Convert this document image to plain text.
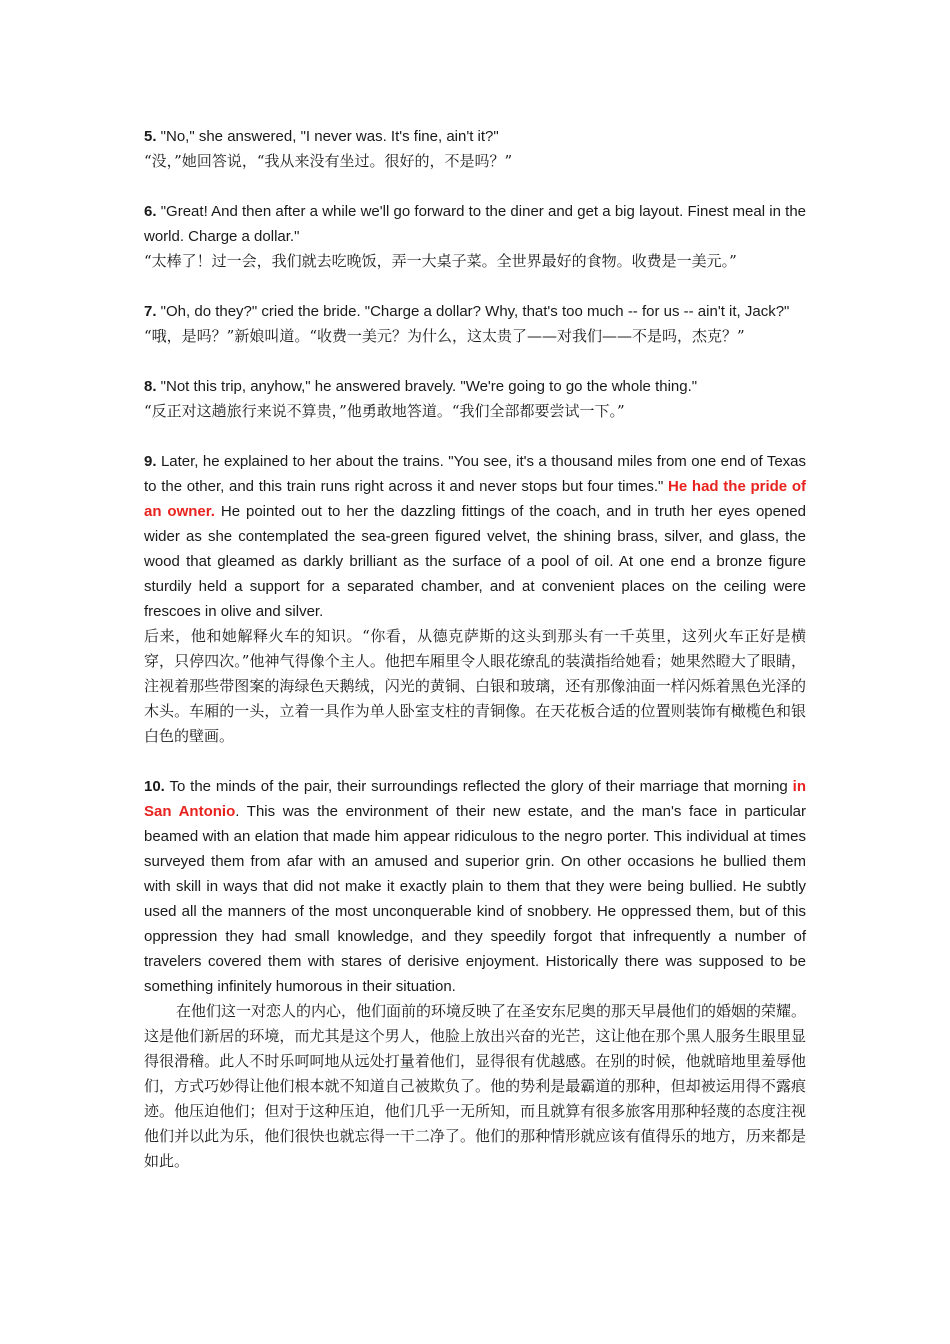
5. "No," she answered, "I never was. It's fine, ain't it?"

“没，”她回答说，“我从来没有坐过。很好的，不是吗？”

6. "Great! And then after a while we'll go forward to the diner and get a big layout. Finest meal in the world. Charge a dollar."

“太棒了！过一会，我们就去吃晚饭，弄一大桌子菜。全世界最好的食物。收费是一美元。”

7. "Oh, do they?" cried the bride. "Charge a dollar? Why, that's too much -- for us -- ain't it, Jack?"

“哦，是吗？”新娘叫道。“收费一美元？为什么，这太贵了——对我们——不是吗，杰克？”

8. "Not this trip, anyhow," he answered bravely. "We're going to go the whole thing."

“反正对这趟旅行来说不算贵，”他勇敢地答道。“我们全部都要尝试一下。”

9. Later, he explained to her about the trains. "You see, it's a thousand miles from one end of Texas to the other, and this train runs right across it and never stops but four times." He had the pride of an owner. He pointed out to her the dazzling fittings of the coach, and in truth her eyes opened wider as she contemplated the sea-green figured velvet, the shining brass, silver, and glass, the wood that gleamed as darkly brilliant as the surface of a pool of oil. At one end a bronze figure sturdily held a support for a separated chamber, and at convenient places on the ceiling were frescoes in olive and silver.

后来，他和她解释火车的知识。“你看，从德克萨斯的这头到那头有一千英里，这列火车正好是横穿，只停四次。”他神气得像个主人。他把车厢里令人眼花缭乱的装潢指给她看；她果然瞪大了眼睛，注视着那些带图案的海绿色天鹅绒，闪光的黄铜、白银和玻璃，还有那像油面一样闪烁着黑色光泽的木头。车厢的一头，立着一具作为单人卧室支柱的青铜像。在天花板合适的位置则装饰有橄榄色和银白色的壁画。

10. To the minds of the pair, their surroundings reflected the glory of their marriage that morning in San Antonio. This was the environment of their new estate, and the man's face in particular beamed with an elation that made him appear ridiculous to the negro porter. This individual at times surveyed them from afar with an amused and superior grin. On other occasions he bullied them with skill in ways that did not make it exactly plain to them that they were being bullied. He subtly used all the manners of the most unconquerable kind of snobbery. He oppressed them, but of this oppression they had small knowledge, and they speedily forgot that infrequently a number of travelers covered them with stares of derisive enjoyment. Historically there was supposed to be something infinitely humorous in their situation.

在他们这一对恋人的内心，他们面前的环境反映了在圣安东尼奥的那天早晨他们的婚姻的荣耀。这是他们新居的环境，而尤其是这个男人，他脸上放出兴奋的光芒，这让他在那个黑人服务生眼里显得很滑稽。此人不时乐呵呵地从远处打量着他们，显得很有优越感。在别的时候，他就暗地里羞辱他们，方式巧妙得让他们根本就不知道自己被欺负了。他的势利是最霸道的那种，但却被运用得不露痕迹。他压迫他们；但对于这种压迫，他们几乎一无所知，而且就算有很多旅客用那种轻蔑的态度注视他们并以此为乐，他们很快也就忘得一干二净了。他们的那种情形就应该有值得乐的地方，历来都是如此。
